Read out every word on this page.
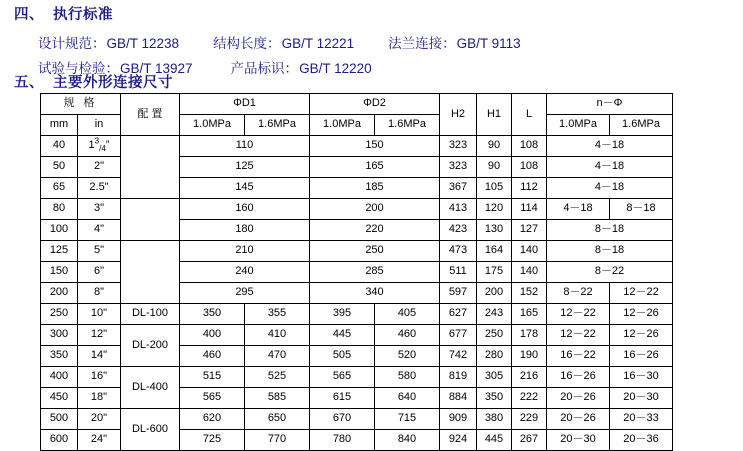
四、 执行标准
设计规范： GB/T 12238	结构长度： GB/T 12221	法兰连接： GB/T 9113
试验与检验： GB/T 13927	产品标识： GB/T 12220
五、 主要外形连接尺寸
规 格		配 置	ΦD1		ΦD2		H2	H1	L	n－Φ	
mm	in		1.0MPa	1.6MPa	1.0MPa	1.6MPa				1.0MPa	1.6MPa
40	$1^3_{/4}$”		110		150		323	90	108	4－18	
50	2"		125		165		323	90	108	4－18	
65	2.5"		145		185		367	105	112	4－18	
80	3"		160		200		413	120	114	4－18	8－18
100	4"		180		220		423	130	127	8－18	
125	5"		210		250		473	164	140	8－18	
150	6"		240		285		511	175	140	8－22	
200	8"		295		340		597	200	152	8－22	12－22
250	10"	DL-100	350	355	395	405	627	243	165	12－22	12－26
300	12"	DL-200	400	410	445	460	677	250	178	12－22	12－26
350	14"		460	470	505	520	742	280	190	16－22	16－26
400	16"	DL-400	515	525	565	580	819	305	216	16－26	16－30
450	18"		565	585	615	640	884	350	222	20－26	20－30
500	20"	DL-600	620	650	670	715	909	380	229	20－26	20－33
600	24"		725	770	780	840	924	445	267	20－30	20－36
